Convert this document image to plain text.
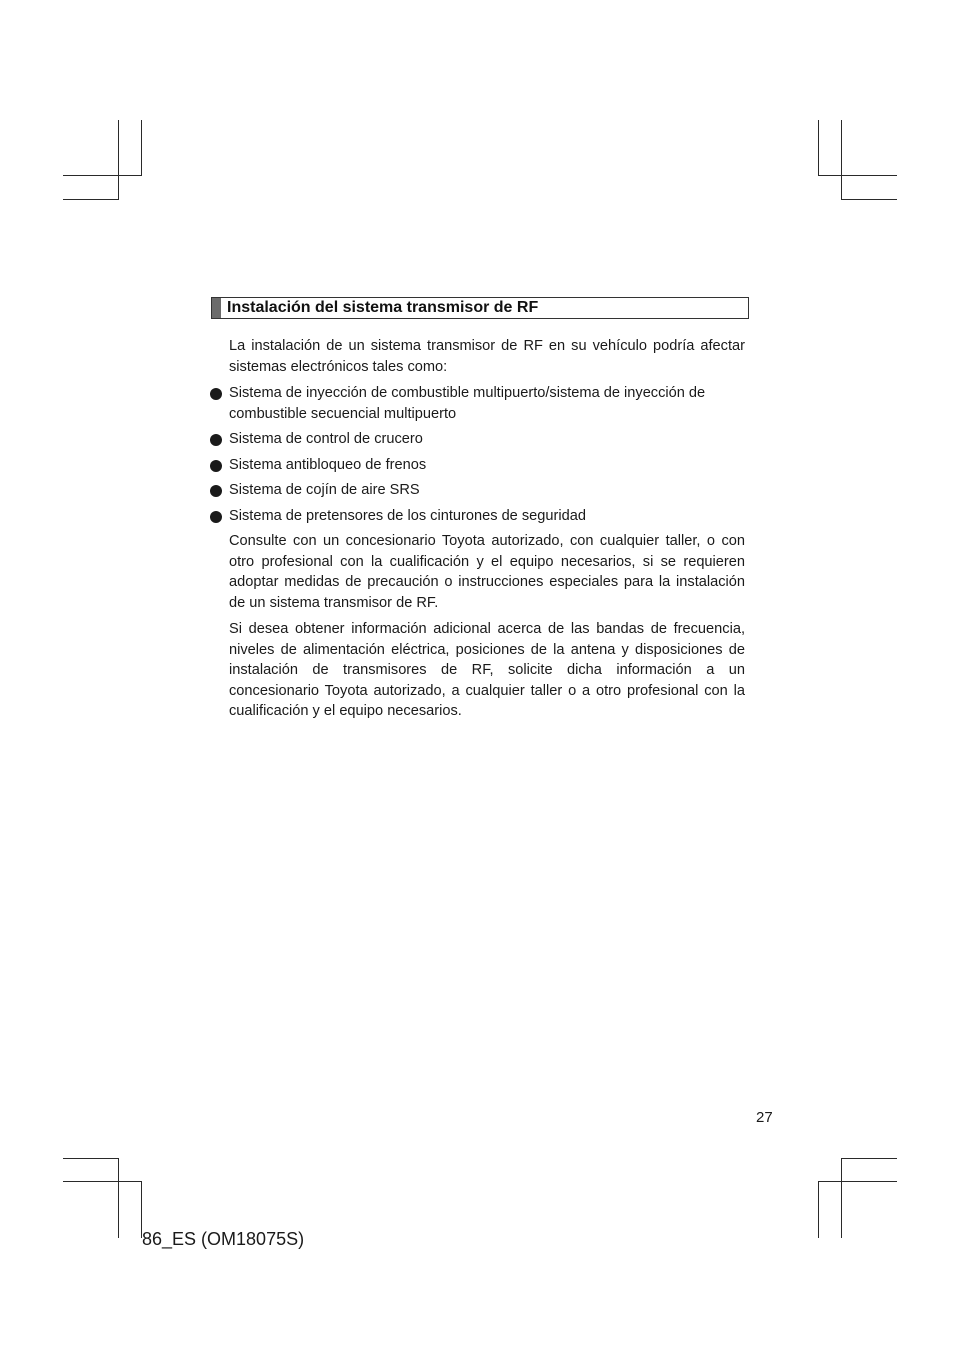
Instalación del sistema transmisor de RF

La instalación de un sistema transmisor de RF en su vehículo podría afectar sistemas electrónicos tales como:

Sistema de inyección de combustible multipuerto/sistema de inyección de combustible secuencial multipuerto
Sistema de control de crucero
Sistema antibloqueo de frenos
Sistema de cojín de aire SRS
Sistema de pretensores de los cinturones de seguridad

Consulte con un concesionario Toyota autorizado, con cualquier taller, o con otro profesional con la cualificación y el equipo necesarios, si se requieren adoptar medidas de precaución o instrucciones especiales para la instalación de un sistema transmisor de RF.

Si desea obtener información adicional acerca de las bandas de frecuencia, niveles de alimentación eléctrica, posiciones de la antena y disposiciones de instalación de transmisores de RF, solicite dicha información a un concesionario Toyota autorizado, a cualquier taller o a otro profesional con la cualificación y el equipo necesarios.

27
86_ES (OM18075S)
